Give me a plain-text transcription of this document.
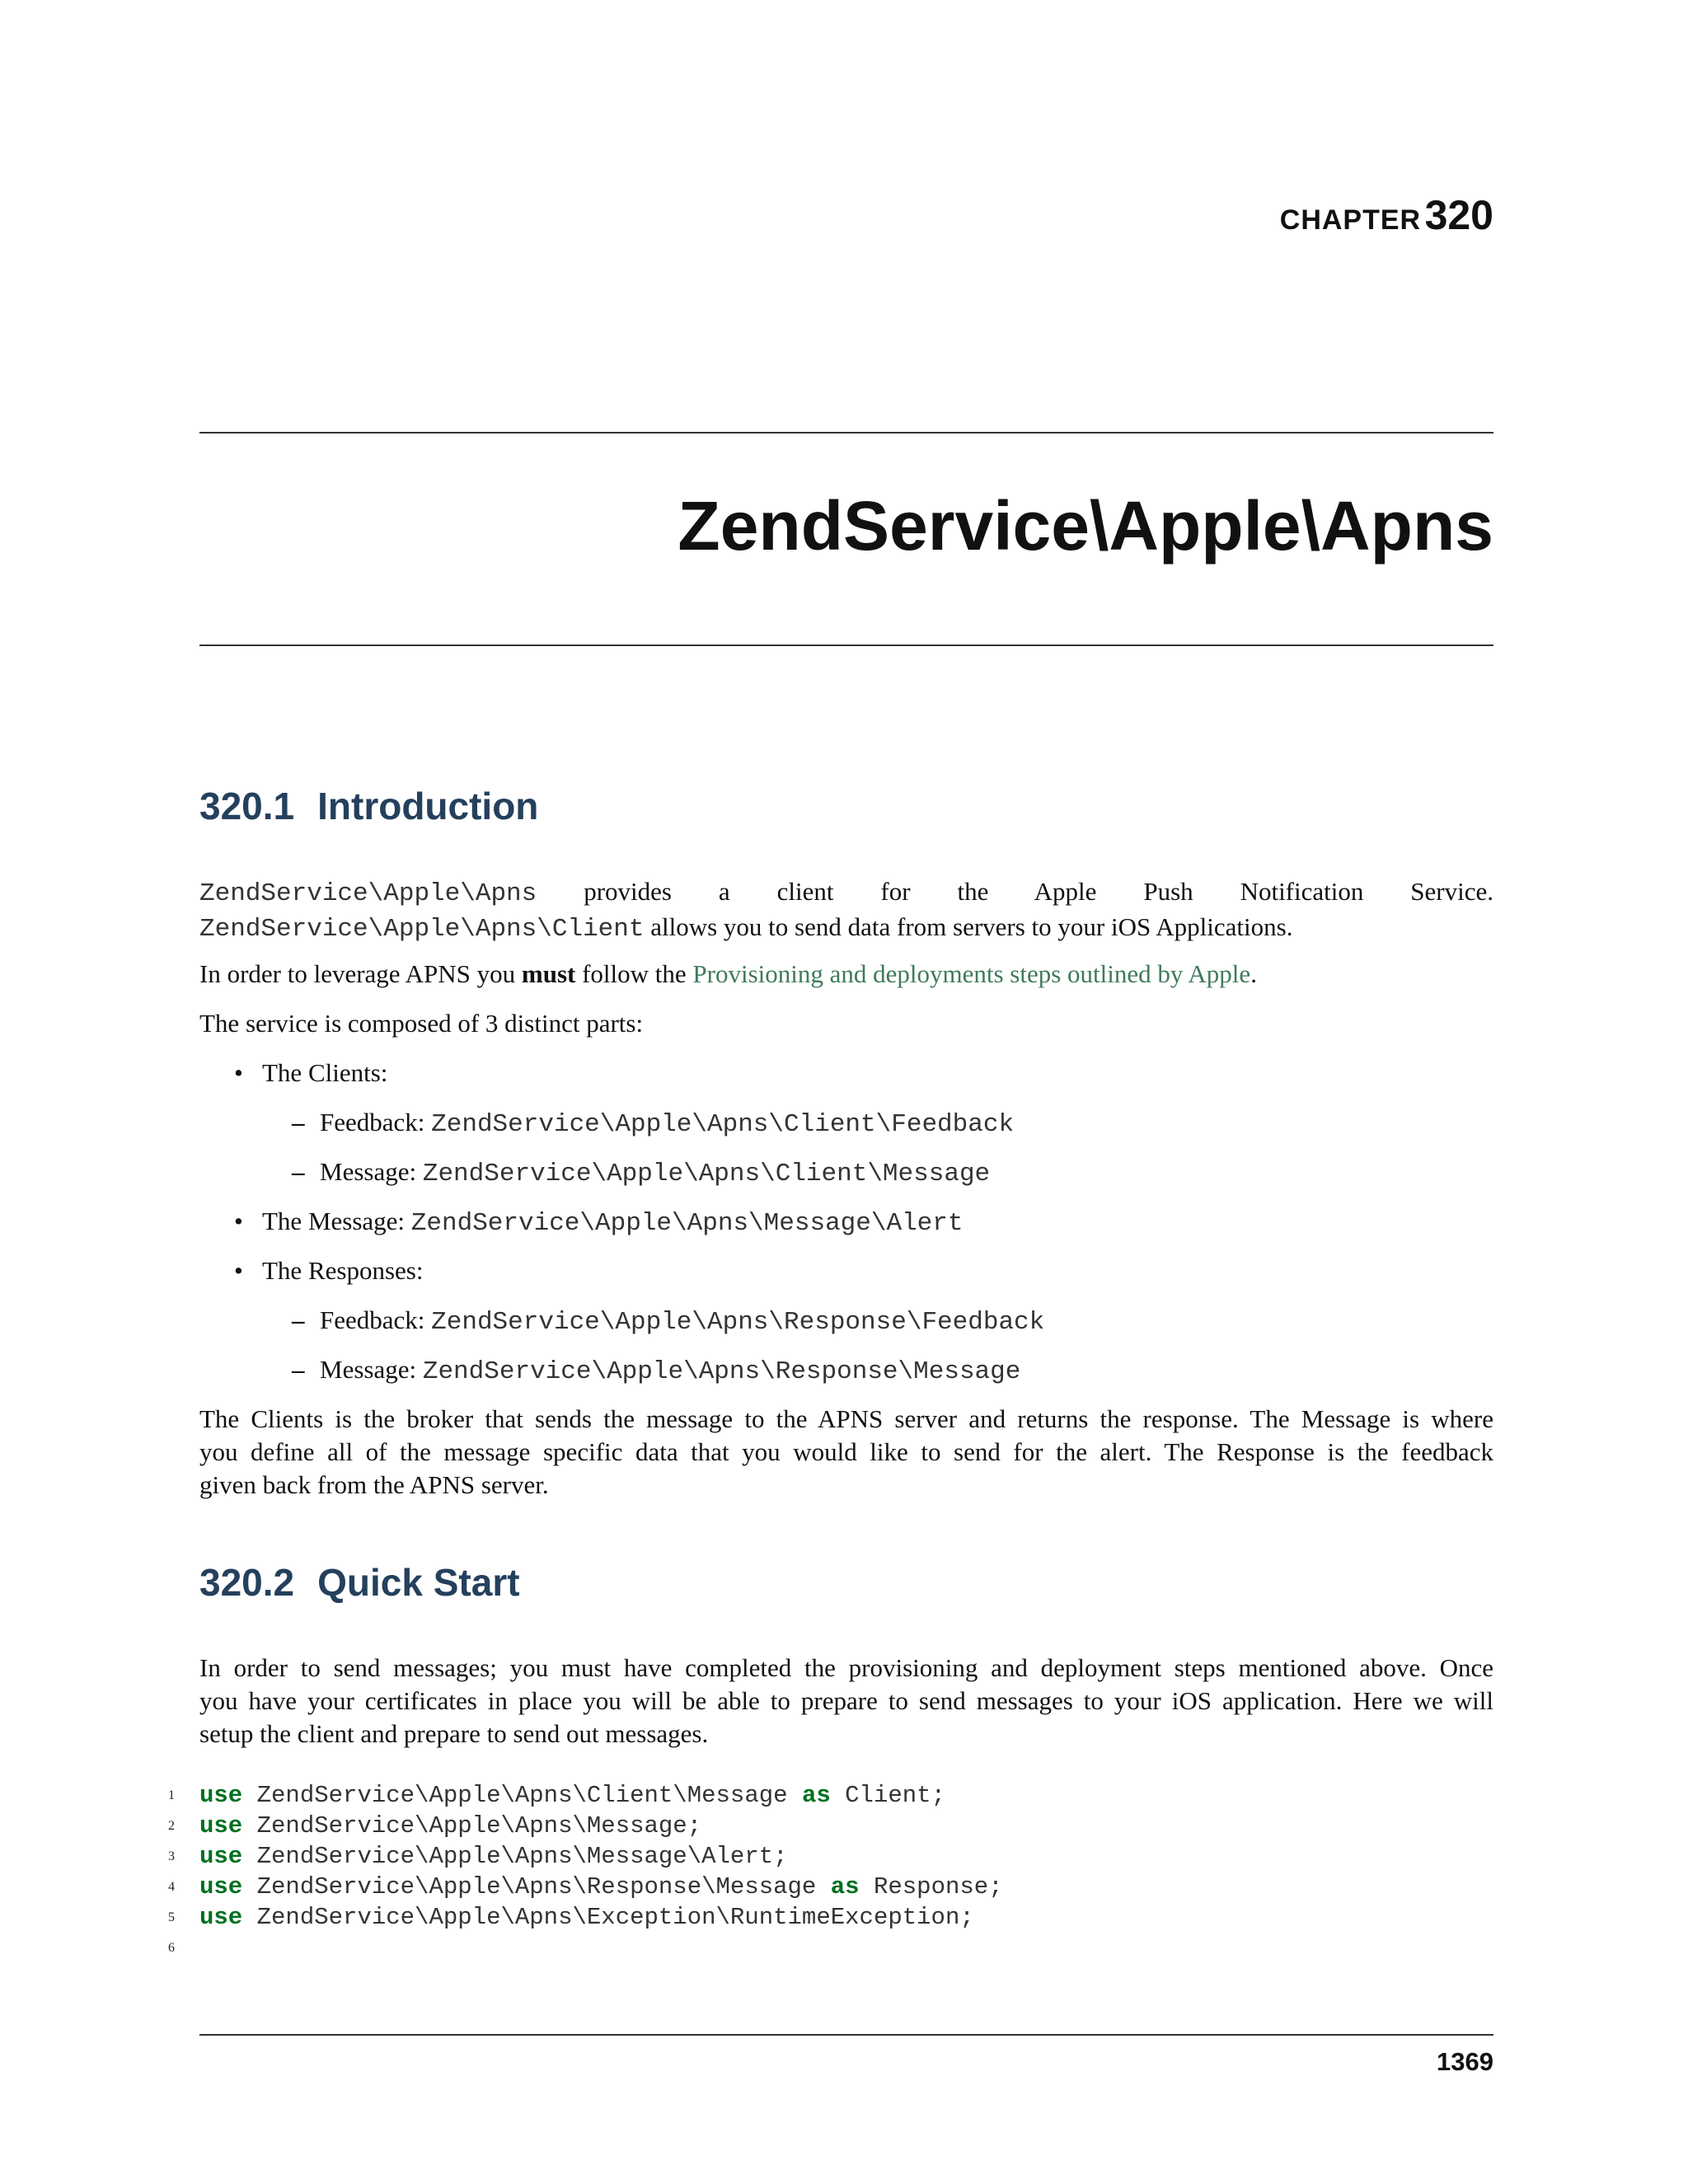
CHAPTER 320
ZendService\Apple\Apns
320.1 Introduction

ZendService\Apple\Apns provides a client for the Apple Push Notification Service.

ZendService\Apple\Apns\Client allows you to send data from servers to your iOS Applications.

In order to leverage APNS you must follow the Provisioning and deployments steps outlined by Apple.

The service is composed of 3 distinct parts:

• The Clients:
– Feedback: ZendService\Apple\Apns\Client\Feedback
– Message: ZendService\Apple\Apns\Client\Message
• The Message: ZendService\Apple\Apns\Message\Alert
• The Responses:
– Feedback: ZendService\Apple\Apns\Response\Feedback
– Message: ZendService\Apple\Apns\Response\Message

The Clients is the broker that sends the message to the APNS server and returns the response. The Message is where

you define all of the message specific data that you would like to send for the alert. The Response is the feedback

given back from the APNS server.

320.2 Quick Start

In order to send messages; you must have completed the provisioning and deployment steps mentioned above. Once

you have your certificates in place you will be able to prepare to send messages to your iOS application. Here we will

setup the client and prepare to send out messages.

1 use ZendService\Apple\Apns\Client\Message as Client;
2 use ZendService\Apple\Apns\Message;
3 use ZendService\Apple\Apns\Message\Alert;
4 use ZendService\Apple\Apns\Response\Message as Response;
5 use ZendService\Apple\Apns\Exception\RuntimeException;
6
1369
